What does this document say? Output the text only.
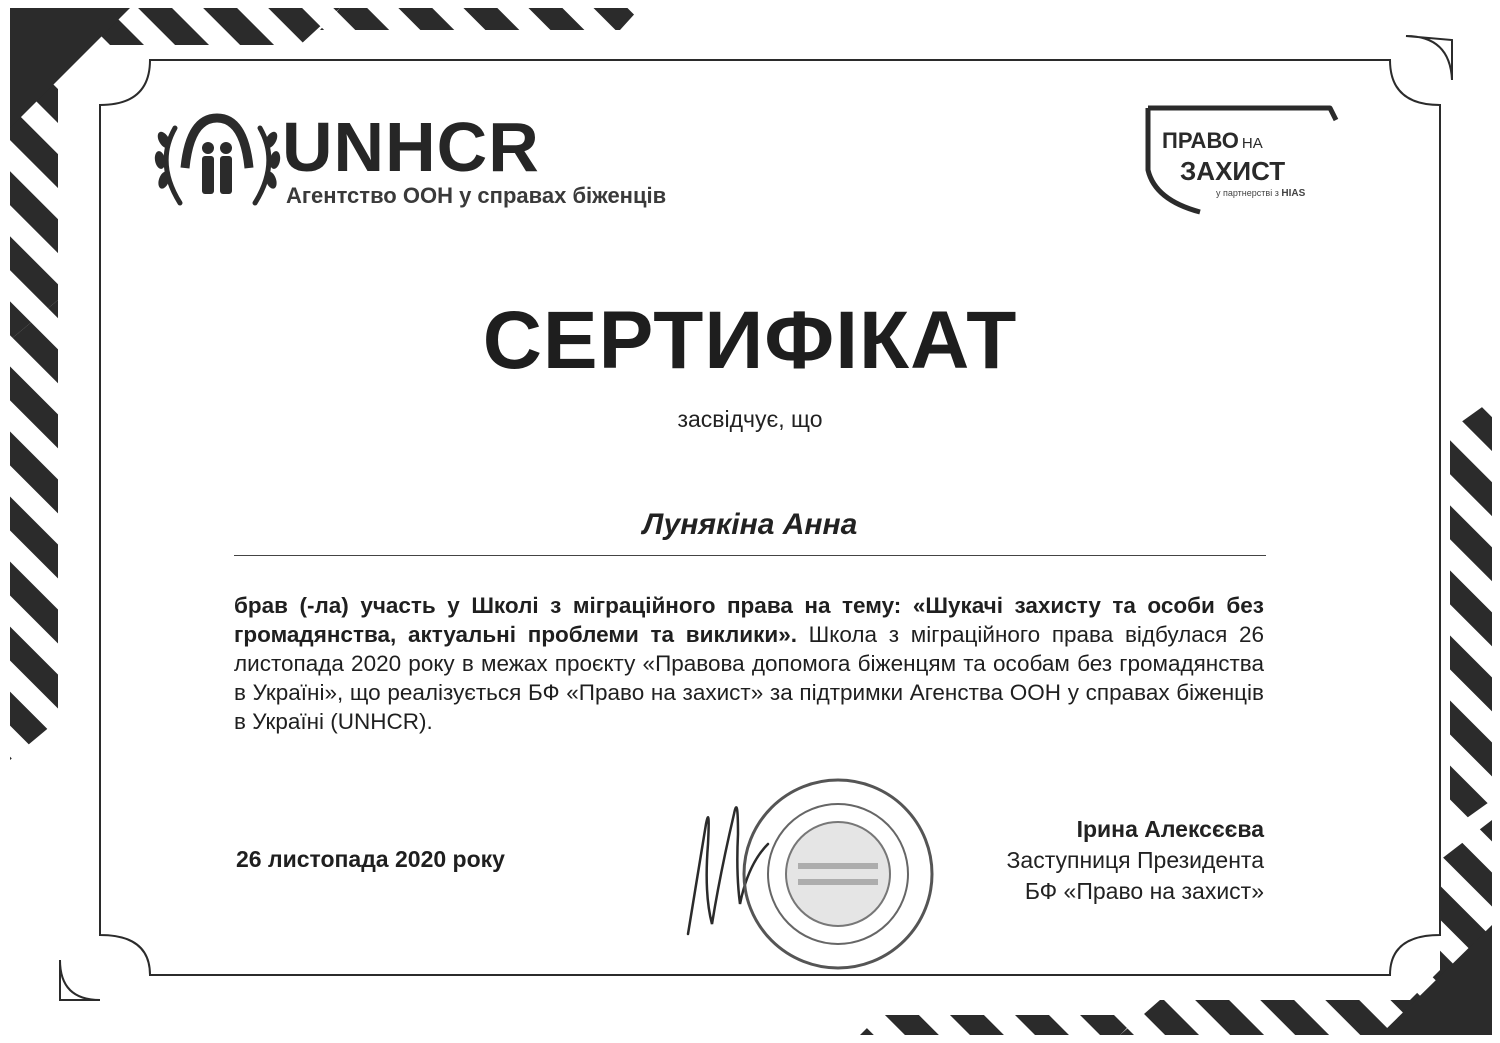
UNHCR
Агентство ООН у справах біженців
ПРАВО НА
ЗАХИСТ
у партнерстві з HIAS
СЕРТИФІКАТ
засвідчує, що
Лунякіна Анна
брав (-ла) участь у Школі з міграційного права на тему: «Шукачі захисту та особи без громадянства, актуальні проблеми та виклики». Школа з міграційного права відбулася 26 листопада 2020 року в межах проєкту «Правова допомога біженцям та особам без громадянства в Україні», що реалізується БФ «Право на захист» за підтримки Агенства ООН у справах біженців в Україні (UNHCR).
26 листопада 2020 року
Ірина Алексєєва
Заступниця Президента
БФ «Право на захист»
